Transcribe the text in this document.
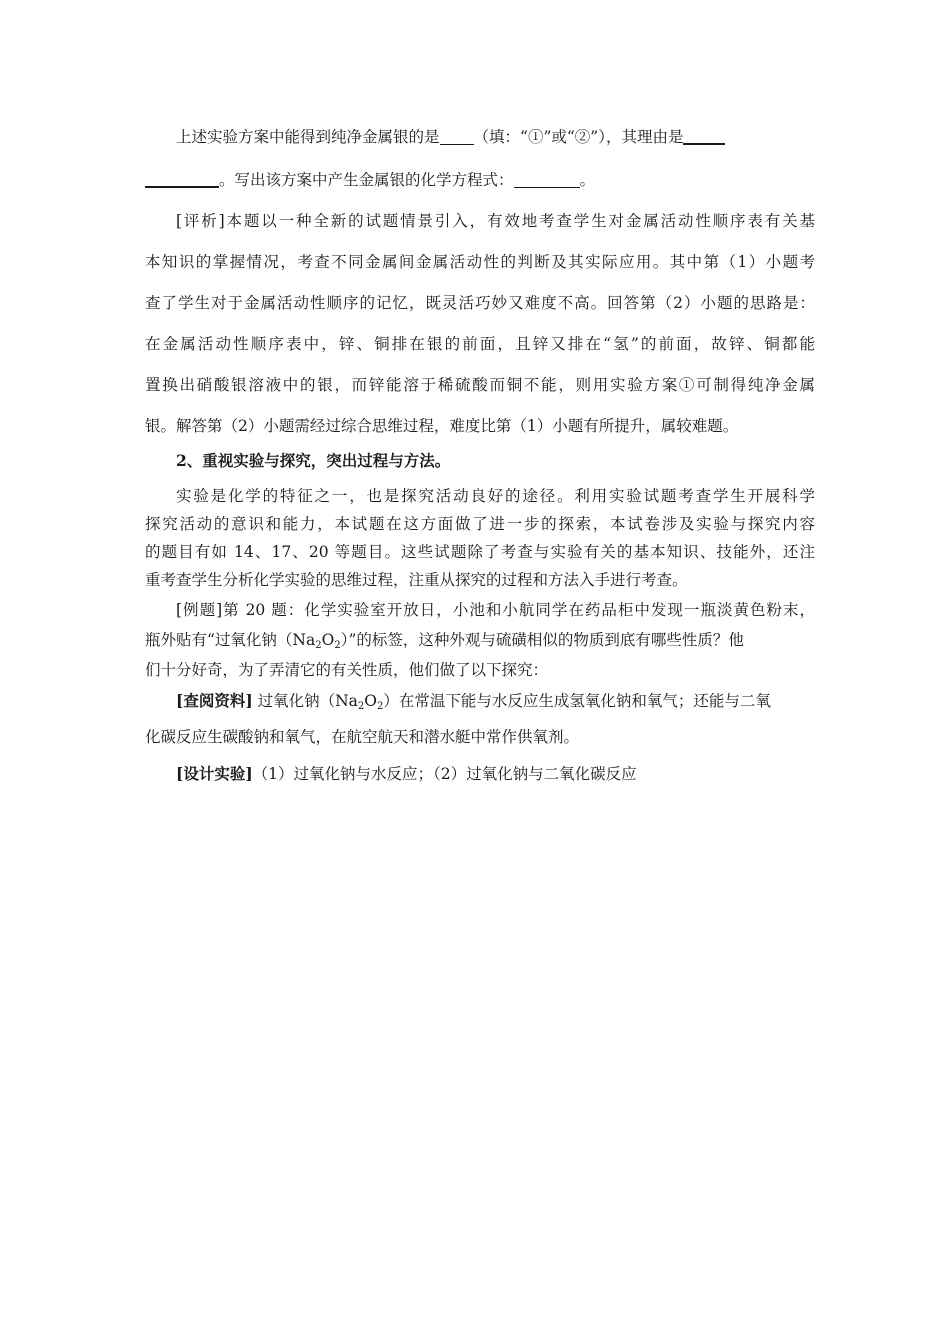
上述实验方案中能得到纯净金属银的是 （填：“①”或“②”），其理由是
。写出该方案中产生金属银的化学方程式：	。
[评析]本题以一种全新的试题情景引入，有效地考查学生对金属活动性顺序表有关基
本知识的掌握情况，考查不同金属间金属活动性的判断及其实际应用。其中第（1）小题考
查了学生对于金属活动性顺序的记忆，既灵活巧妙又难度不高。回答第（2）小题的思路是：
在金属活动性顺序表中，锌、铜排在银的前面，且锌又排在“氢”的前面，故锌、铜都能
置换出硝酸银溶液中的银，而锌能溶于稀硫酸而铜不能，则用实验方案①可制得纯净金属
银。解答第（2）小题需经过综合思维过程，难度比第（1）小题有所提升，属较难题。
2、重视实验与探究，突出过程与方法。
实验是化学的特征之一，也是探究活动良好的途径。利用实验试题考查学生开展科学
探究活动的意识和能力，本试题在这方面做了进一步的探索，本试卷涉及实验与探究内容
的题目有如 14、17、20 等题目。这些试题除了考查与实验有关的基本知识、技能外，还注
重考查学生分析化学实验的思维过程，注重从探究的过程和方法入手进行考查。
[例题]第 20 题：化学实验室开放日，小池和小航同学在药品柜中发现一瓶淡黄色粉末，
瓶外贴有“过氧化钠$(Na_2O_2)$”的标签，这种外观与硫磺相似的物质到底有哪些性质？他
们十分好奇，为了弄清它的有关性质，他们做了以下探究：
[查阅资料] 过氧化钠$(Na_2O_2)$在常温下能与水反应生成氢氧化钠和氧气；还能与二氧
化碳反应生碳酸钠和氧气，在航空航天和潜水艇中常作供氧剂。
[设计实验]（1）过氧化钠与水反应；（2）过氧化钠与二氧化碳反应
